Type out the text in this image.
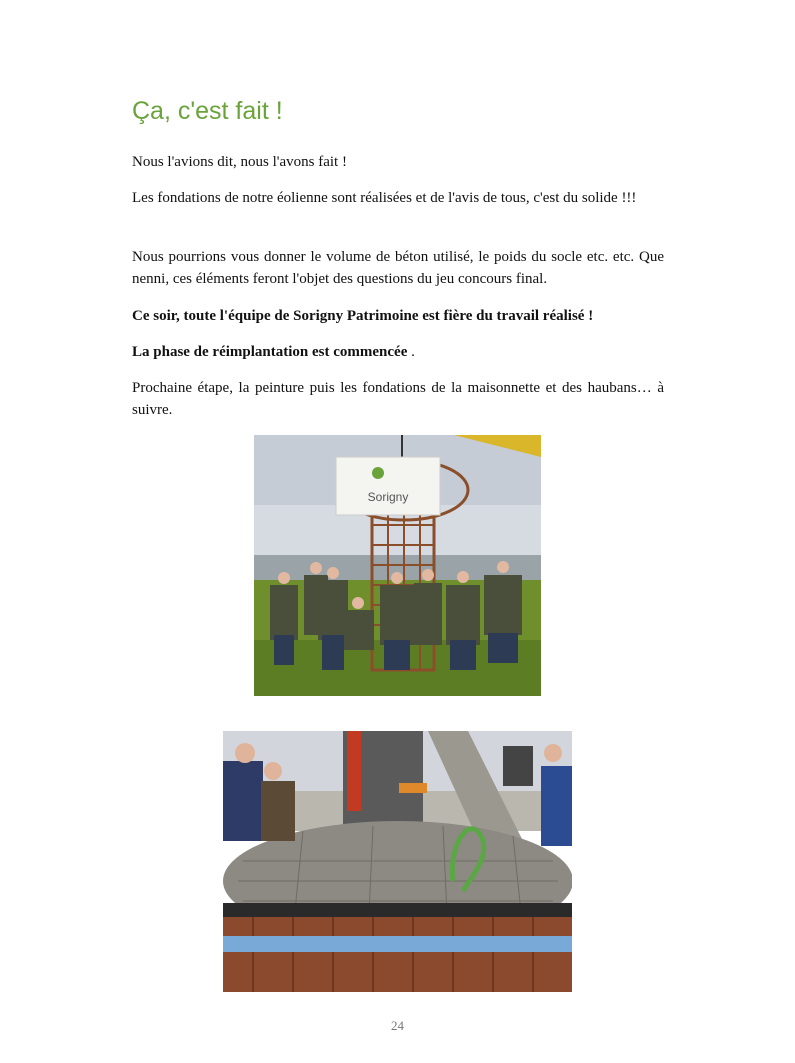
Ça, c'est fait !

Nous l'avions dit, nous l'avons fait !

Les fondations de notre éolienne sont réalisées et de l'avis de tous, c'est du solide !!!

Nous pourrions vous donner le volume de béton utilisé, le poids du socle etc. etc. Que nenni, ces éléments feront l'objet des questions du jeu concours final.

Ce soir, toute l'équipe de Sorigny Patrimoine est fière du travail réalisé !

La phase de réimplantation est commencée .

Prochaine étape, la peinture puis les fondations de la maisonnette et des haubans… à suivre.

Sorigny
24
